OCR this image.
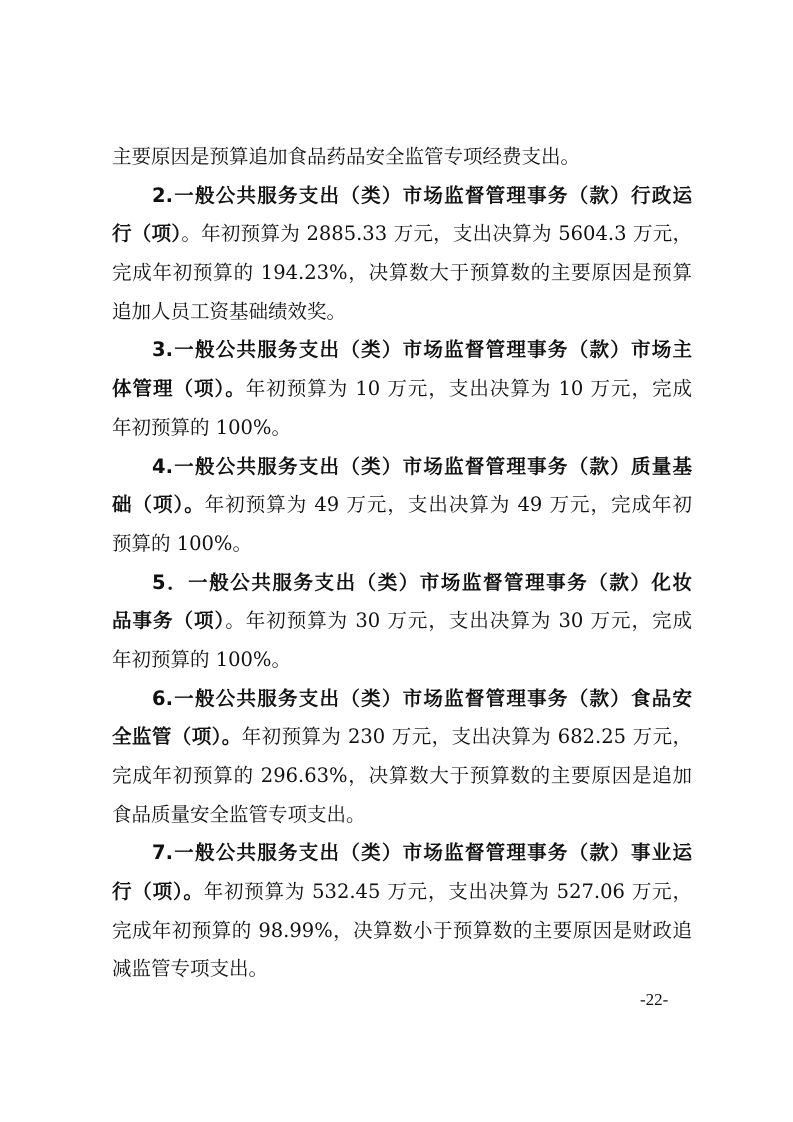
主要原因是预算追加食品药品安全监管专项经费支出。
2.一般公共服务支出（类）市场监督管理事务（款）行政运
行（项）。年初预算为 2885.33 万元，支出决算为 5604.3 万元，
完成年初预算的 194.23%，决算数大于预算数的主要原因是预算
追加人员工资基础绩效奖。
3.一般公共服务支出（类）市场监督管理事务（款）市场主
体管理（项）。年初预算为 10 万元，支出决算为 10 万元，完成
年初预算的 100%。
4.一般公共服务支出（类）市场监督管理事务（款）质量基
础（项）。年初预算为 49 万元，支出决算为 49 万元，完成年初
预算的 100%。
5．一般公共服务支出（类）市场监督管理事务（款）化妆
品事务（项）。年初预算为 30 万元，支出决算为 30 万元，完成
年初预算的 100%。
6.一般公共服务支出（类）市场监督管理事务（款）食品安
全监管（项）。年初预算为 230 万元，支出决算为 682.25 万元，
完成年初预算的 296.63%，决算数大于预算数的主要原因是追加
食品质量安全监管专项支出。
7.一般公共服务支出（类）市场监督管理事务（款）事业运
行（项）。年初预算为 532.45 万元，支出决算为 527.06 万元，
完成年初预算的 98.99%，决算数小于预算数的主要原因是财政追
减监管专项支出。
-22-
